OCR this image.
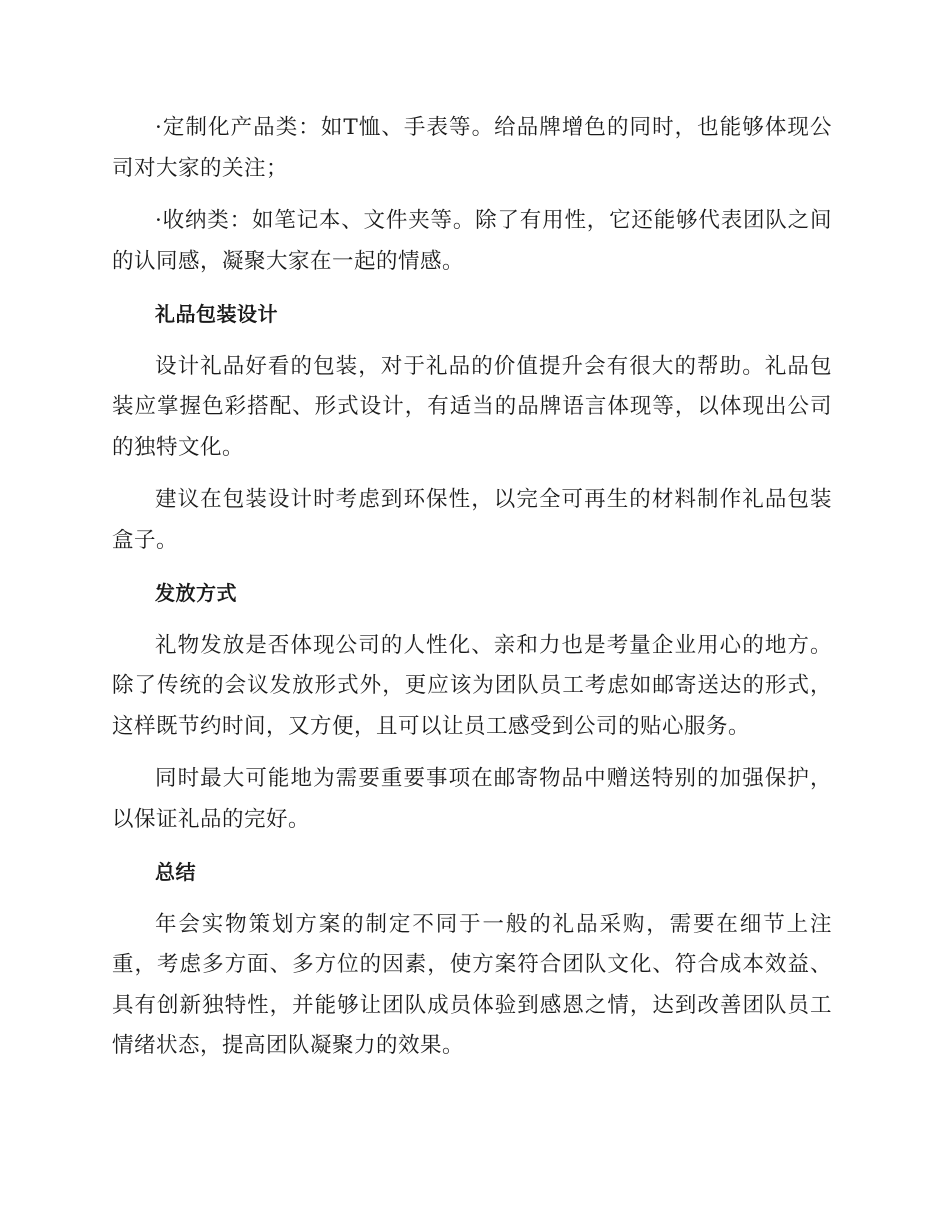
·定制化产品类：如T恤、手表等。给品牌增色的同时，也能够体现公司对大家的关注；

·收纳类：如笔记本、文件夹等。除了有用性，它还能够代表团队之间的认同感，凝聚大家在一起的情感。

礼品包装设计

设计礼品好看的包装，对于礼品的价值提升会有很大的帮助。礼品包装应掌握色彩搭配、形式设计，有适当的品牌语言体现等，以体现出公司的独特文化。

建议在包装设计时考虑到环保性，以完全可再生的材料制作礼品包装盒子。

发放方式

礼物发放是否体现公司的人性化、亲和力也是考量企业用心的地方。除了传统的会议发放形式外，更应该为团队员工考虑如邮寄送达的形式，这样既节约时间，又方便，且可以让员工感受到公司的贴心服务。

同时最大可能地为需要重要事项在邮寄物品中赠送特别的加强保护，以保证礼品的完好。

总结

年会实物策划方案的制定不同于一般的礼品采购，需要在细节上注重，考虑多方面、多方位的因素，使方案符合团队文化、符合成本效益、具有创新独特性，并能够让团队成员体验到感恩之情，达到改善团队员工情绪状态，提高团队凝聚力的效果。
